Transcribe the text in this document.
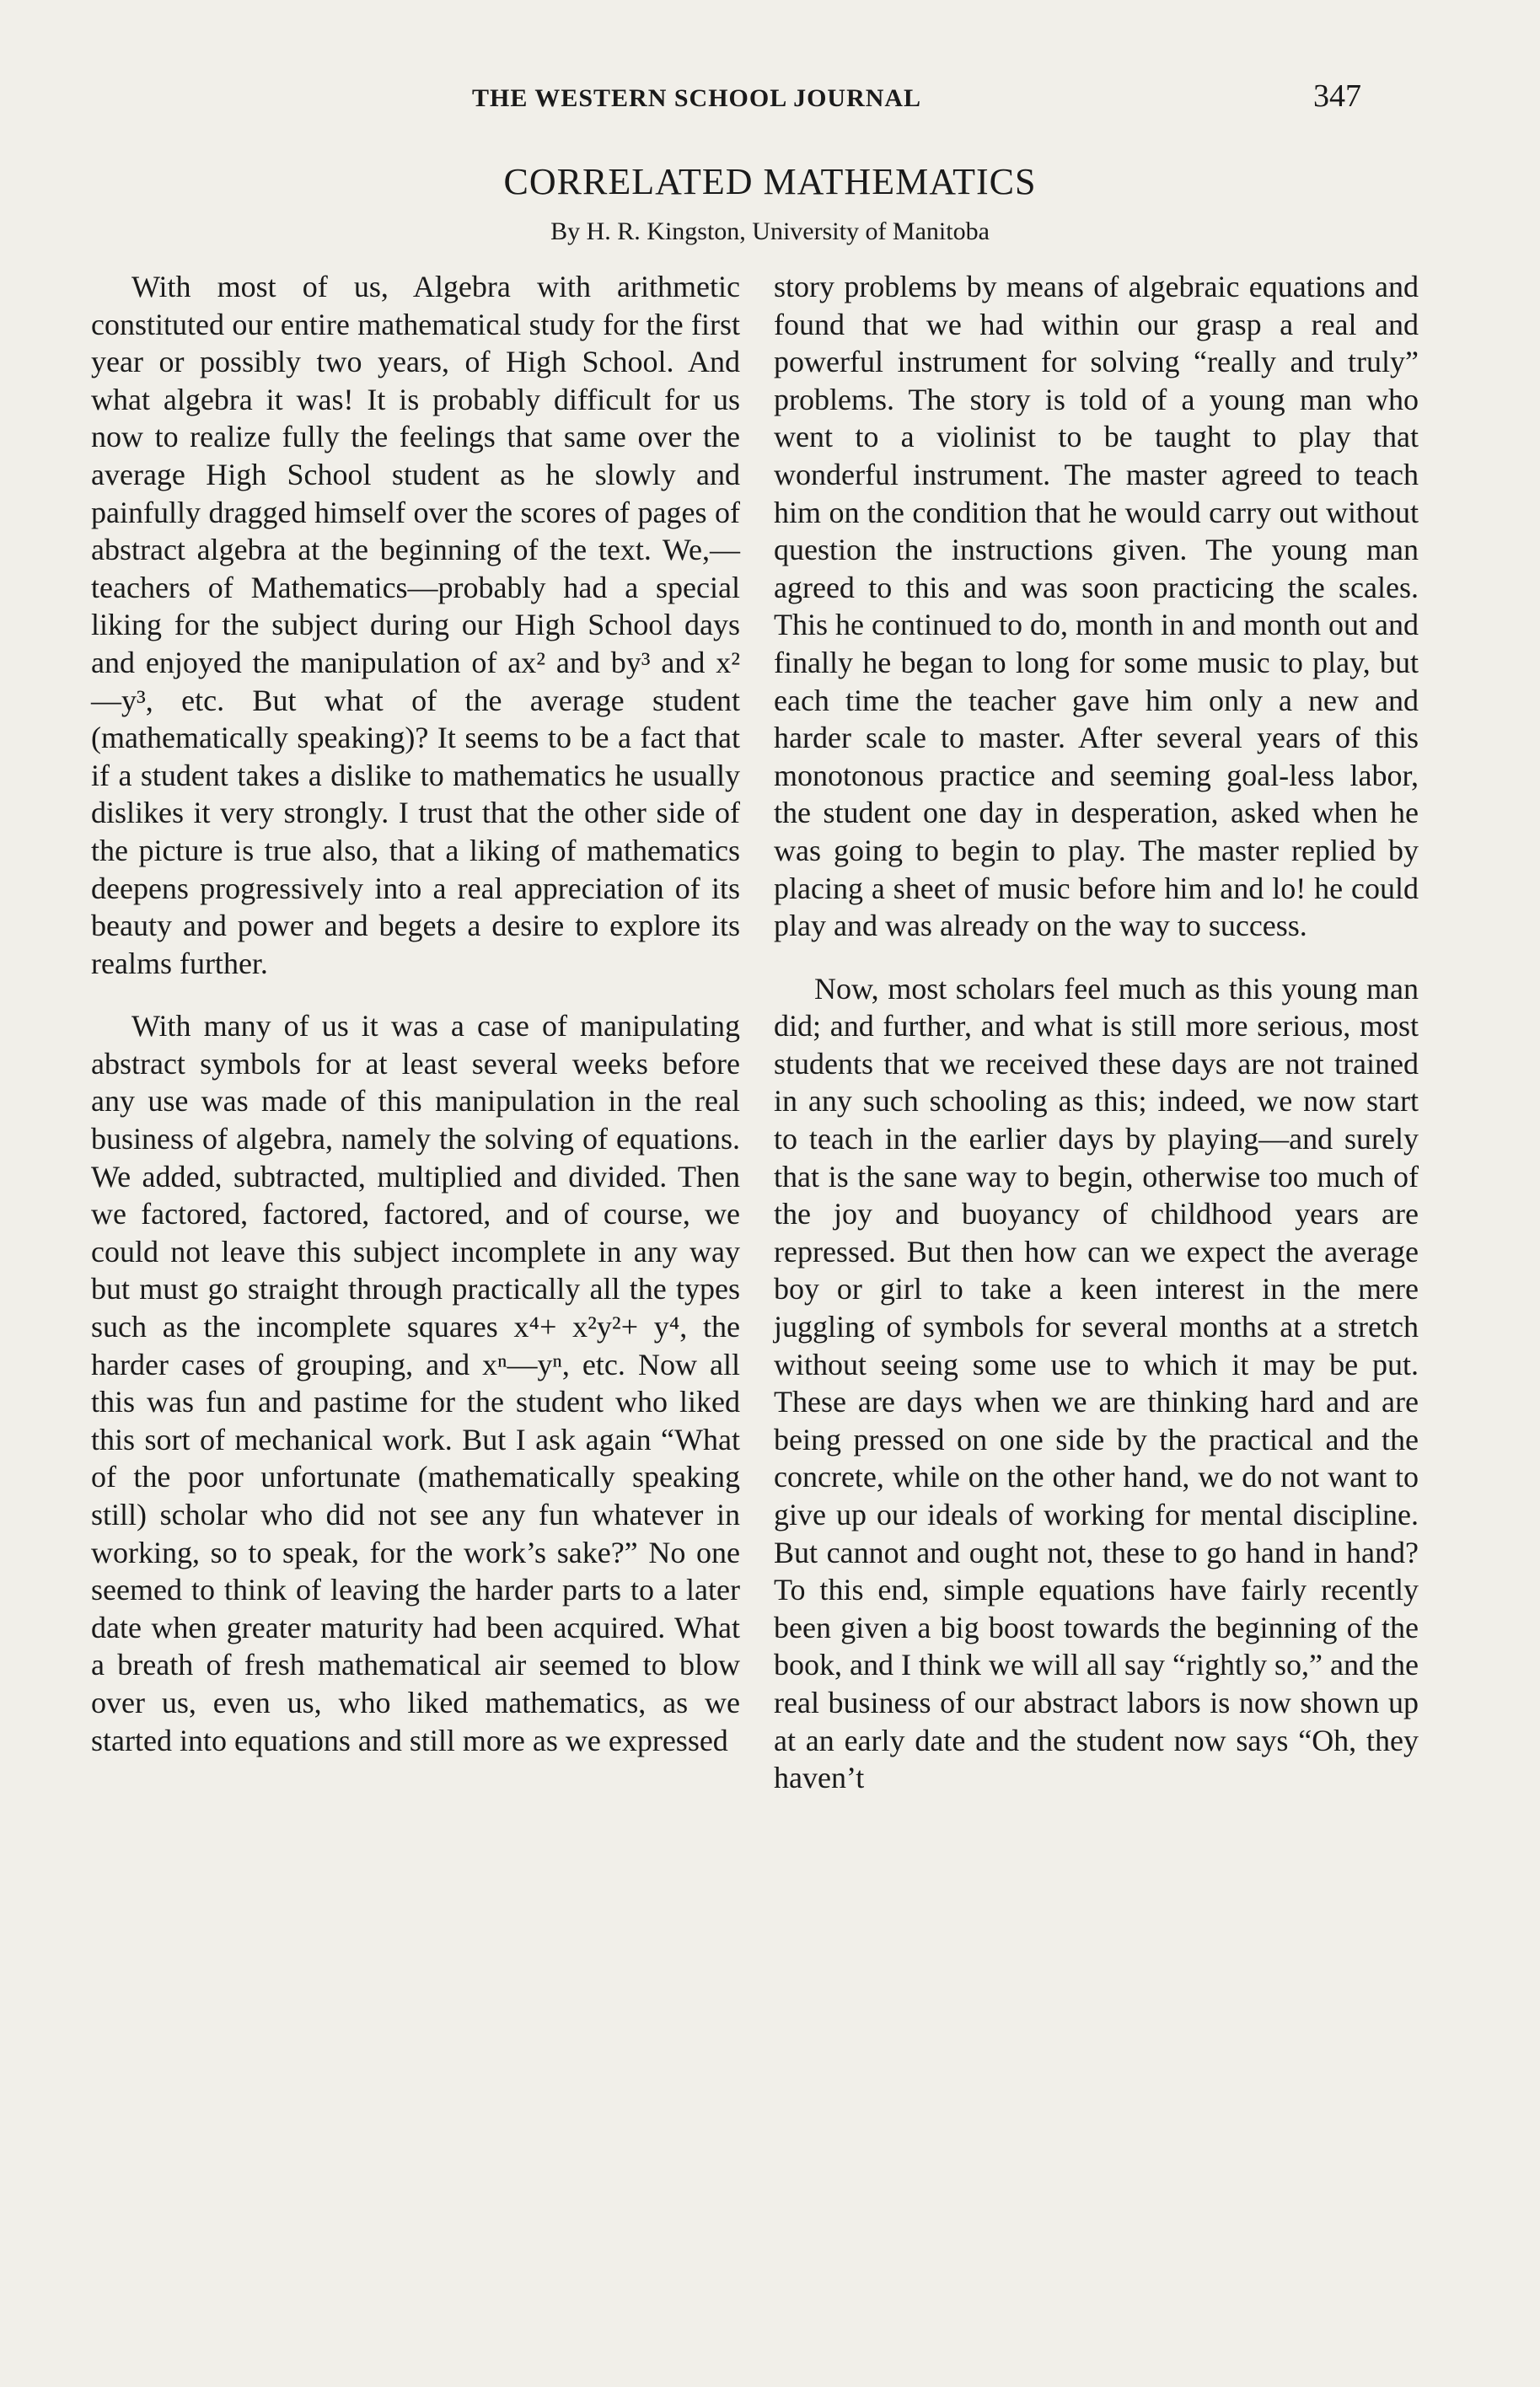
THE WESTERN SCHOOL JOURNAL	347
CORRELATED MATHEMATICS
By H. R. Kingston, University of Manitoba

With most of us, Algebra with arithmetic constituted our entire mathematical study for the first year or possibly two years, of High School. And what algebra it was! It is probably difficult for us now to realize fully the feelings that same over the average High School student as he slowly and painfully dragged himself over the scores of pages of abstract algebra at the beginning of the text. We,—teachers of Mathematics—probably had a special liking for the subject during our High School days and enjoyed the manipulation of ax² and by³ and x²—y³, etc. But what of the average student (mathematically speaking)? It seems to be a fact that if a student takes a dislike to mathematics he usually dislikes it very strongly. I trust that the other side of the picture is true also, that a liking of mathematics deepens progressively into a real appreciation of its beauty and power and begets a desire to explore its realms further.

With many of us it was a case of manipulating abstract symbols for at least several weeks before any use was made of this manipulation in the real business of algebra, namely the solving of equations. We added, subtracted, multiplied and divided. Then we factored, factored, factored, and of course, we could not leave this subject incomplete in any way but must go straight through practically all the types such as the incomplete squares x⁴+ x²y²+ y⁴, the harder cases of grouping, and xⁿ—yⁿ, etc. Now all this was fun and pastime for the student who liked this sort of mechanical work. But I ask again “What of the poor unfortunate (mathematically speaking still) scholar who did not see any fun whatever in working, so to speak, for the work’s sake?” No one seemed to think of leaving the harder parts to a later date when greater maturity had been acquired. What a breath of fresh mathematical air seemed to blow over us, even us, who liked mathematics, as we started into equations and still more as we expressed

story problems by means of algebraic equations and found that we had within our grasp a real and powerful instrument for solving “really and truly” problems. The story is told of a young man who went to a violinist to be taught to play that wonderful instrument. The master agreed to teach him on the condition that he would carry out without question the instructions given. The young man agreed to this and was soon practicing the scales. This he continued to do, month in and month out and finally he began to long for some music to play, but each time the teacher gave him only a new and harder scale to master. After several years of this monotonous practice and seeming goal-less labor, the student one day in desperation, asked when he was going to begin to play. The master replied by placing a sheet of music before him and lo! he could play and was already on the way to success.

Now, most scholars feel much as this young man did; and further, and what is still more serious, most students that we received these days are not trained in any such schooling as this; indeed, we now start to teach in the earlier days by playing—and surely that is the sane way to begin, otherwise too much of the joy and buoyancy of childhood years are repressed. But then how can we expect the average boy or girl to take a keen interest in the mere juggling of symbols for several months at a stretch without seeing some use to which it may be put. These are days when we are thinking hard and are being pressed on one side by the practical and the concrete, while on the other hand, we do not want to give up our ideals of working for mental discipline. But cannot and ought not, these to go hand in hand? To this end, simple equations have fairly recently been given a big boost towards the beginning of the book, and I think we will all say “rightly so,” and the real business of our abstract labors is now shown up at an early date and the student now says “Oh, they haven’t
